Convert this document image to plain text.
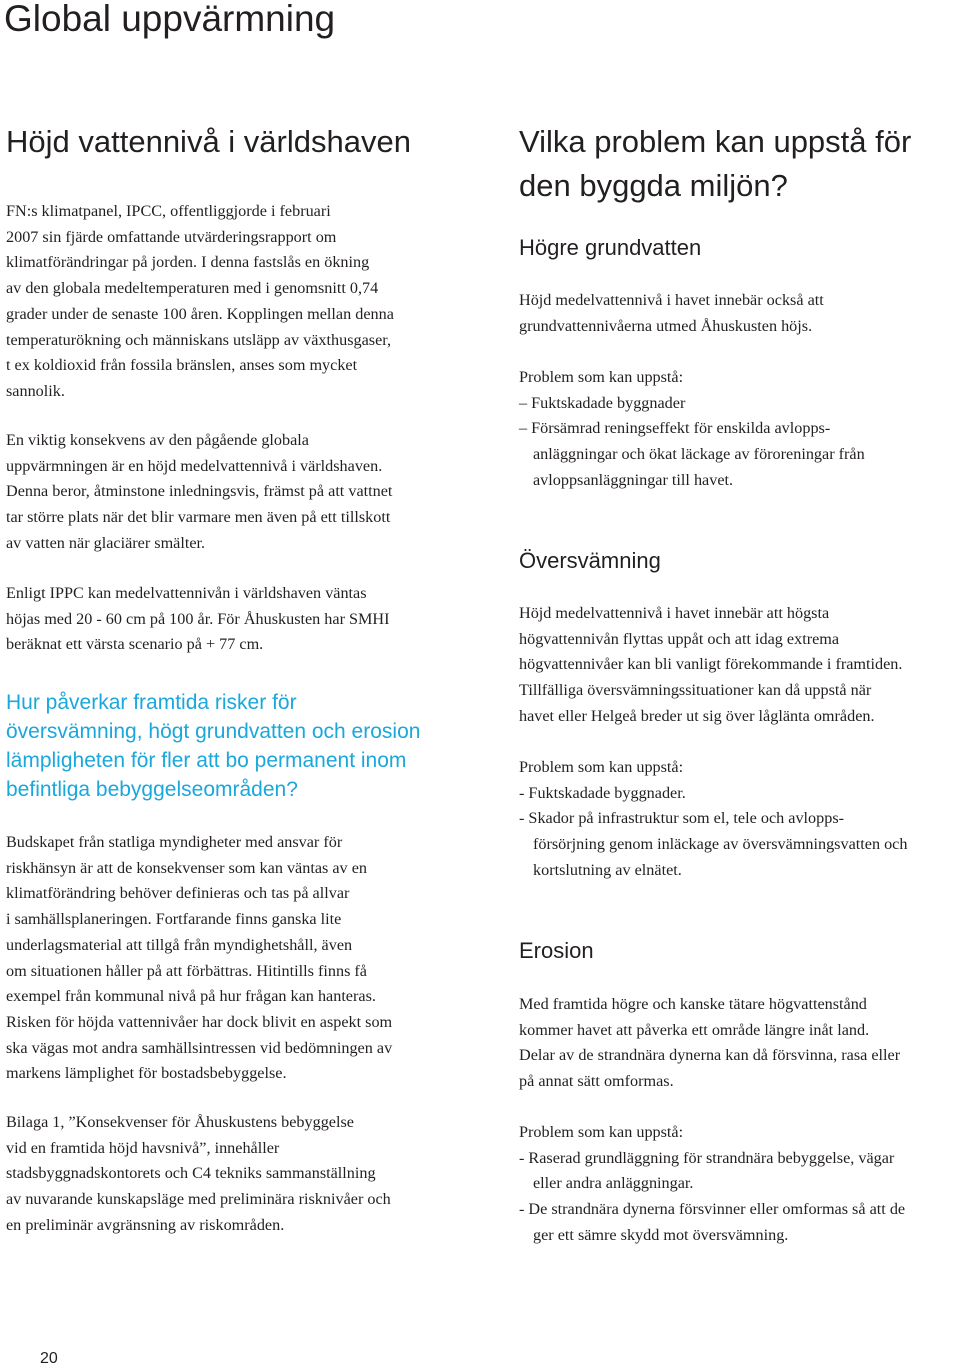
Global uppvärmning
Höjd vattennivå i världshaven
FN:s klimatpanel, IPCC, offentliggjorde i februari
2007 sin fjärde omfattande utvärderingsrapport om
klimatförändringar på jorden. I denna fastslås en ökning
av den globala medeltemperaturen med i genomsnitt 0,74
grader under de senaste 100 åren. Kopplingen mellan denna
temperaturökning och människans utsläpp av växthusgaser,
t ex koldioxid från fossila bränslen, anses som mycket
sannolik.
En viktig konsekvens av den pågående globala
uppvärmningen är en höjd medelvattennivå i världshaven.
Denna beror, åtminstone inledningsvis, främst på att vattnet
tar större plats när det blir varmare men även på ett tillskott
av vatten när glaciärer smälter.
Enligt IPPC kan medelvattennivån i världshaven väntas
höjas med 20 - 60 cm på 100 år. För Åhuskusten har SMHI
beräknat ett värsta scenario på + 77 cm.
Hur påverkar framtida risker för
översvämning, högt grundvatten och erosion
lämpligheten för fler att bo permanent inom
befintliga bebyggelseområden?
Budskapet från statliga myndigheter med ansvar för
riskhänsyn är att de konsekvenser som kan väntas av en
klimatförändring behöver definieras och tas på allvar
i samhällsplaneringen. Fortfarande finns ganska lite
underlagsmaterial att tillgå från myndighetshåll, även
om situationen håller på att förbättras. Hitintills finns få
exempel från kommunal nivå på hur frågan kan hanteras.
Risken för höjda vattennivåer har dock blivit en aspekt som
ska vägas mot andra samhällsintressen vid bedömningen av
markens lämplighet för bostadsbebyggelse.
Bilaga 1, ”Konsekvenser för Åhuskustens bebyggelse
vid en framtida höjd havsnivå”, innehåller
stadsbyggnadskontorets och C4 tekniks sammanställning
av nuvarande kunskapsläge med preliminära risknivåer och
en preliminär avgränsning av riskområden.
Vilka problem kan uppstå för
den byggda miljön?
Högre grundvatten
Höjd medelvattennivå i havet innebär också att
grundvattennivåerna utmed Åhuskusten höjs.
Problem som kan uppstå:
– Fuktskadade byggnader
– Försämrad reningseffekt för enskilda avlopps-
anläggningar och ökat läckage av föroreningar från
avloppsanläggningar till havet.
Översvämning
Höjd medelvattennivå i havet innebär att högsta
högvattennivån flyttas uppåt och att idag extrema
högvattennivåer kan bli vanligt förekommande i framtiden.
Tillfälliga översvämningssituationer kan då uppstå när
havet eller Helgeå breder ut sig över låglänta områden.
Problem som kan uppstå:
- Fuktskadade byggnader.
- Skador på infrastruktur som el, tele och avlopps-
försörjning genom inläckage av översvämningsvatten och
kortslutning av elnätet.
Erosion
Med framtida högre och kanske tätare högvattenstånd
kommer havet att påverka ett område längre inåt land.
Delar av de strandnära dynerna kan då försvinna, rasa eller
på annat sätt omformas.
Problem som kan uppstå:
- Raserad grundläggning för strandnära bebyggelse, vägar
eller andra anläggningar.
- De strandnära dynerna försvinner eller omformas så att de
ger ett sämre skydd mot översvämning.
20
